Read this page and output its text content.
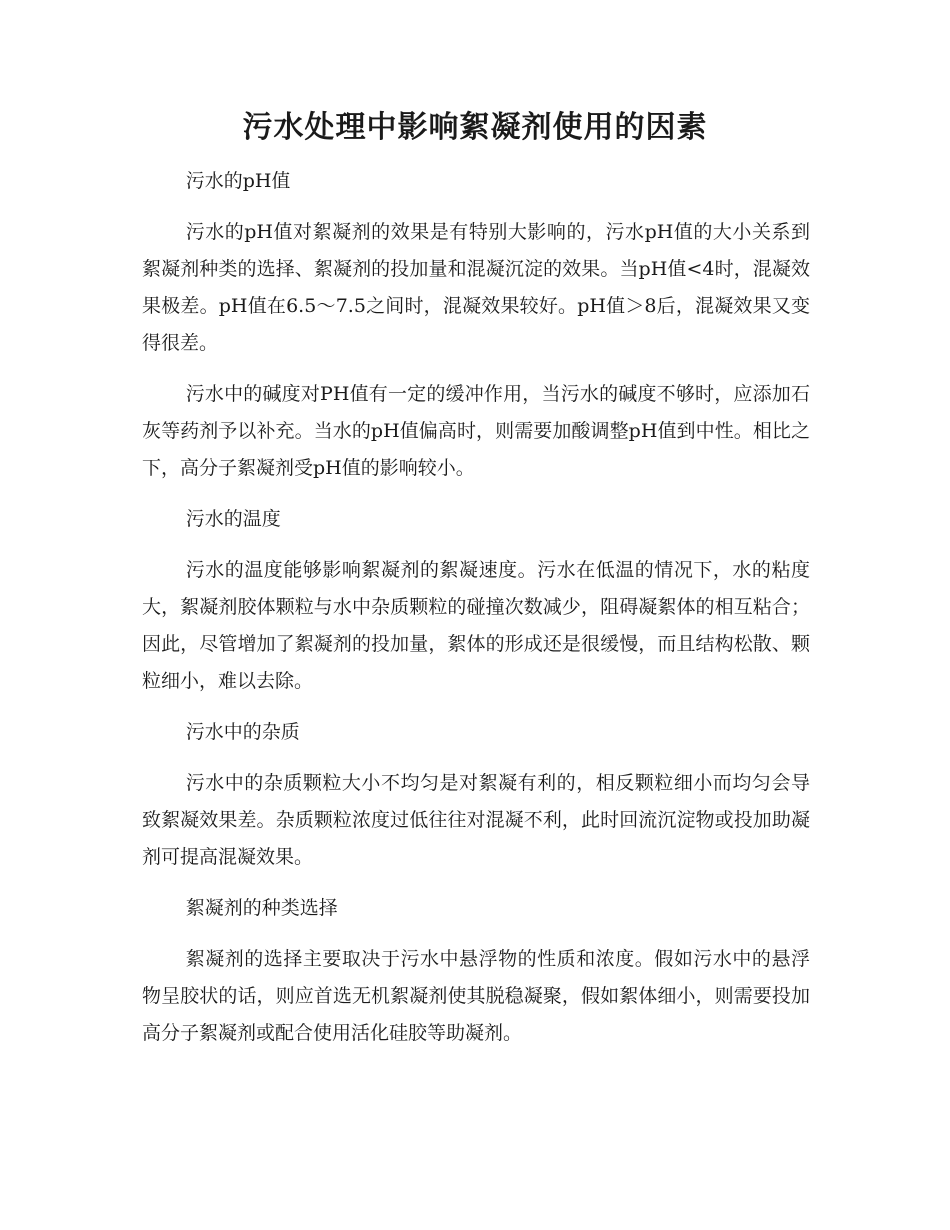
污水处理中影响絮凝剂使用的因素

污水的pH值

污水的pH值对絮凝剂的效果是有特别大影响的，污水pH值的大小关系到絮凝剂种类的选择、絮凝剂的投加量和混凝沉淀的效果。当pH值<4时，混凝效果极差。pH值在6.5～7.5之间时，混凝效果较好。pH值＞8后，混凝效果又变得很差。

污水中的碱度对PH值有一定的缓冲作用，当污水的碱度不够时，应添加石灰等药剂予以补充。当水的pH值偏高时，则需要加酸调整pH值到中性。相比之下，高分子絮凝剂受pH值的影响较小。

污水的温度

污水的温度能够影响絮凝剂的絮凝速度。污水在低温的情况下，水的粘度大，絮凝剂胶体颗粒与水中杂质颗粒的碰撞次数减少，阻碍凝絮体的相互粘合；因此，尽管增加了絮凝剂的投加量，絮体的形成还是很缓慢，而且结构松散、颗粒细小，难以去除。

污水中的杂质

污水中的杂质颗粒大小不均匀是对絮凝有利的，相反颗粒细小而均匀会导致絮凝效果差。杂质颗粒浓度过低往往对混凝不利，此时回流沉淀物或投加助凝剂可提高混凝效果。

絮凝剂的种类选择

絮凝剂的选择主要取决于污水中悬浮物的性质和浓度。假如污水中的悬浮物呈胶状的话，则应首选无机絮凝剂使其脱稳凝聚，假如絮体细小，则需要投加高分子絮凝剂或配合使用活化硅胶等助凝剂。
